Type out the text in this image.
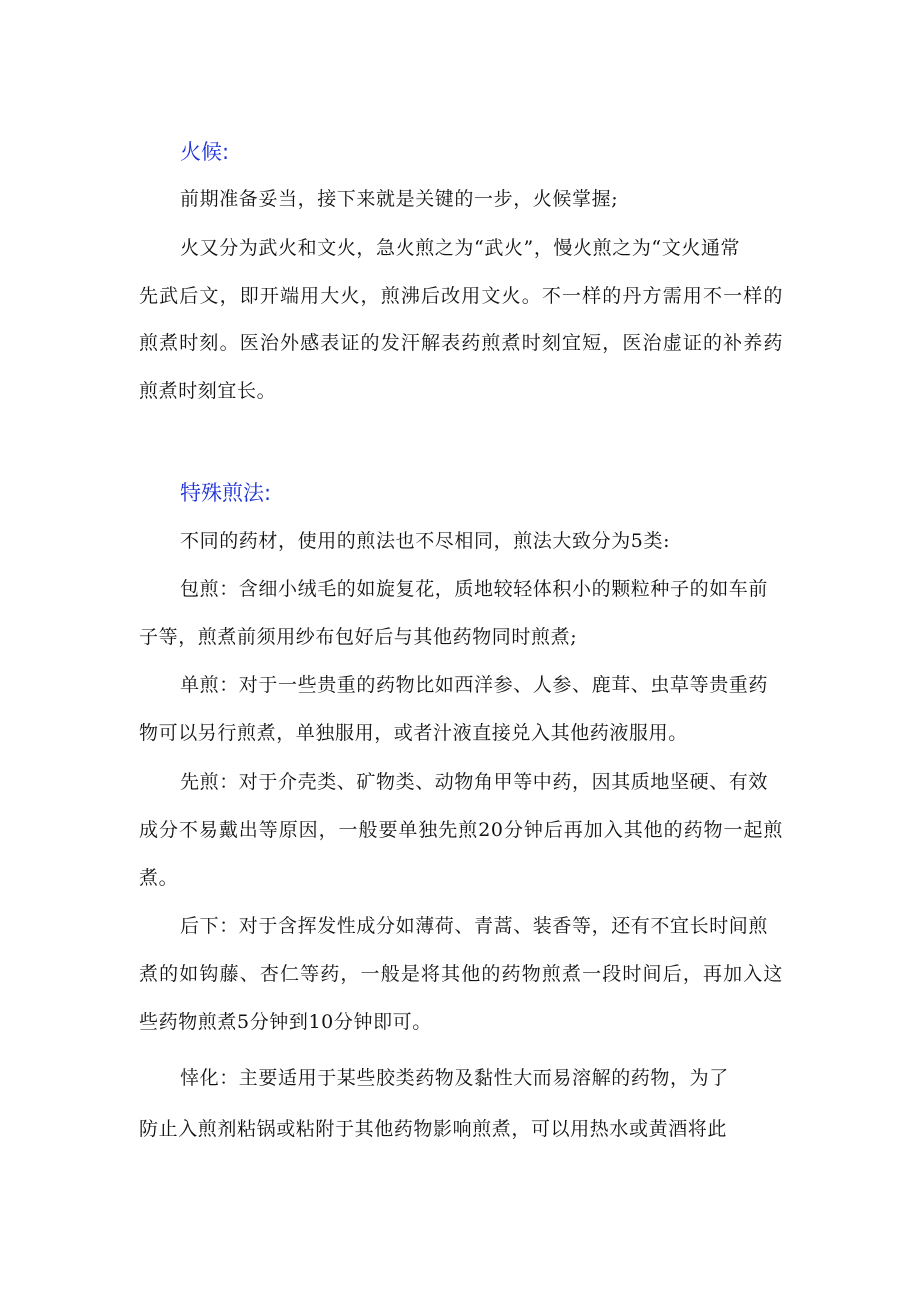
火候:
前期准备妥当，接下来就是关键的一步，火候掌握;
火又分为武火和文火，急火煎之为“武火”，慢火煎之为“文火通常
先武后文，即开端用大火，煎沸后改用文火。不一样的丹方需用不一样的
煎煮时刻。医治外感表证的发汗解表药煎煮时刻宜短，医治虚证的补养药
煎煮时刻宜长。
特殊煎法:
不同的药材，使用的煎法也不尽相同，煎法大致分为5类:
包煎：含细小绒毛的如旋复花，质地较轻体积小的颗粒种子的如车前
子等，煎煮前须用纱布包好后与其他药物同时煎煮;
单煎：对于一些贵重的药物比如西洋参、人参、鹿茸、虫草等贵重药
物可以另行煎煮，单独服用，或者汁液直接兑入其他药液服用。
先煎：对于介壳类、矿物类、动物角甲等中药，因其质地坚硬、有效
成分不易戴出等原因，一般要单独先煎20分钟后再加入其他的药物一起煎
煮。
后下：对于含挥发性成分如薄荷、青蒿、装香等，还有不宜长时间煎
煮的如钩藤、杏仁等药，一般是将其他的药物煎煮一段时间后，再加入这
些药物煎煮5分钟到10分钟即可。
悻化：主要适用于某些胶类药物及黏性大而易溶解的药物，为了
防止入煎剂粘锅或粘附于其他药物影响煎煮，可以用热水或黄酒将此
